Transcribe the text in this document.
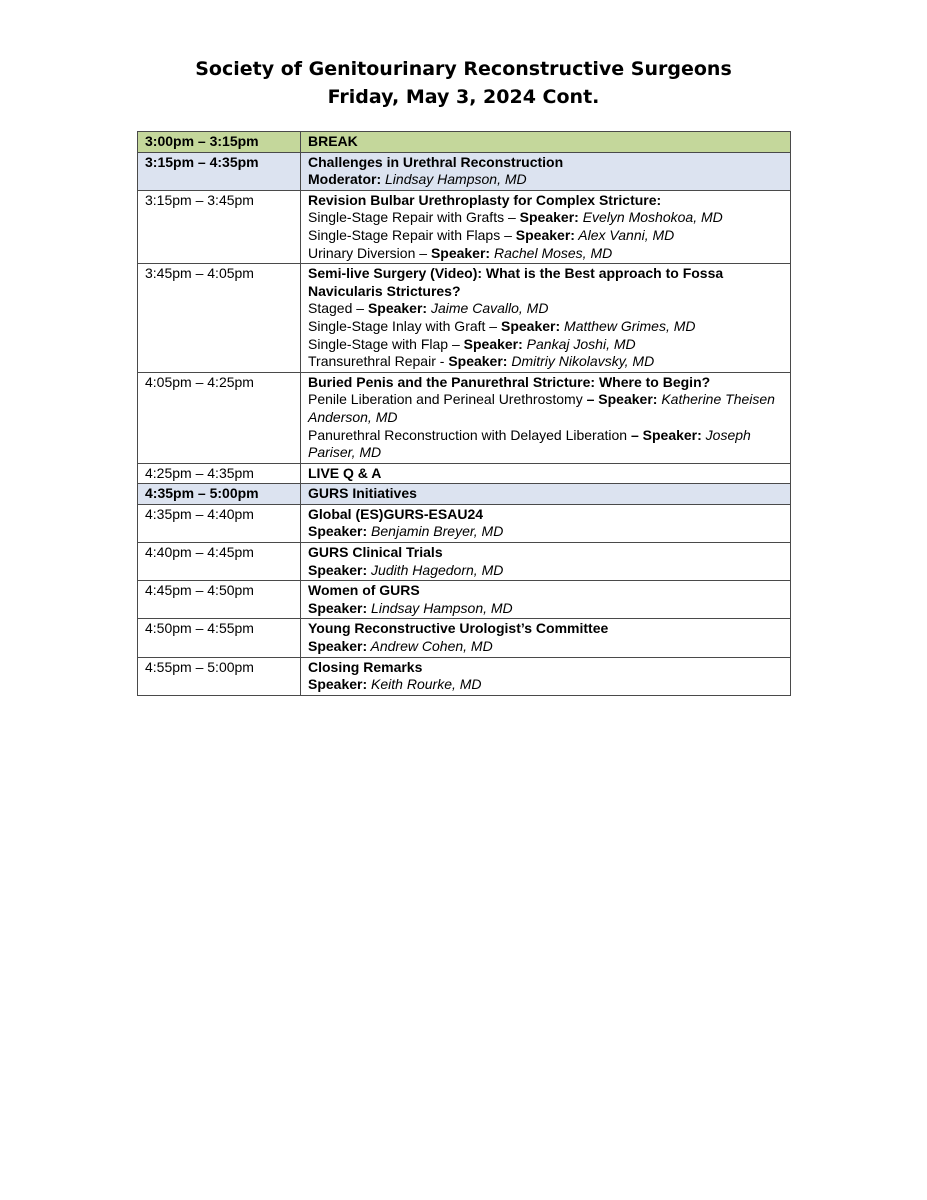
Society of Genitourinary Reconstructive Surgeons
Friday, May 3, 2024 Cont.
3:00pm – 3:15pm	BREAK

3:15pm – 4:35pm	Challenges in Urethral Reconstruction
Moderator: Lindsay Hampson, MD

3:15pm – 3:45pm	Revision Bulbar Urethroplasty for Complex Stricture:
Single-Stage Repair with Grafts – Speaker: Evelyn Moshokoa, MD
Single-Stage Repair with Flaps – Speaker: Alex Vanni, MD
Urinary Diversion – Speaker: Rachel Moses, MD

3:45pm – 4:05pm	Semi-live Surgery (Video): What is the Best approach to Fossa Navicularis Strictures?
Staged – Speaker: Jaime Cavallo, MD
Single-Stage Inlay with Graft – Speaker: Matthew Grimes, MD
Single-Stage with Flap – Speaker: Pankaj Joshi, MD
Transurethral Repair - Speaker: Dmitriy Nikolavsky, MD

4:05pm – 4:25pm	Buried Penis and the Panurethral Stricture: Where to Begin?
Penile Liberation and Perineal Urethrostomy – Speaker: Katherine Theisen Anderson, MD
Panurethral Reconstruction with Delayed Liberation – Speaker: Joseph Pariser, MD

4:25pm – 4:35pm	LIVE Q & A

4:35pm – 5:00pm	GURS Initiatives

4:35pm – 4:40pm	Global (ES)GURS-ESAU24
Speaker: Benjamin Breyer, MD

4:40pm – 4:45pm	GURS Clinical Trials
Speaker: Judith Hagedorn, MD

4:45pm – 4:50pm	Women of GURS
Speaker: Lindsay Hampson, MD

4:50pm – 4:55pm	Young Reconstructive Urologist’s Committee
Speaker: Andrew Cohen, MD

4:55pm – 5:00pm	Closing Remarks
Speaker: Keith Rourke, MD
